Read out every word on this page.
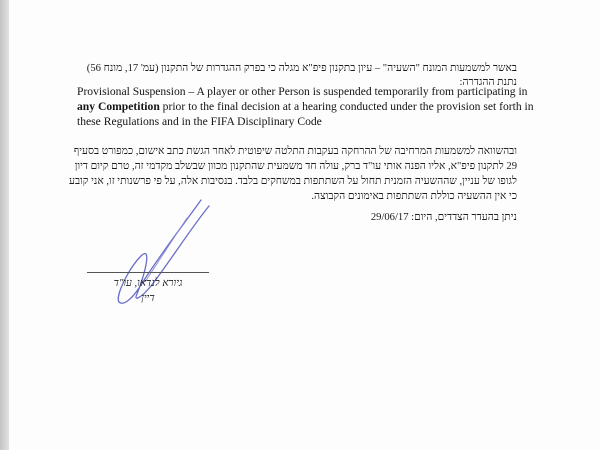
באשר למשמעות המונח "השעיה" – עיון בתקנון פיפ"א מגלה כי בפרק ההגדרות של התקנון (עמ' 17, מונח 56) נתנת ההגדרה:
Provisional Suspension – A player or other Person is suspended temporarily from participating in any Competition prior to the final decision at a hearing conducted under the provision set forth in these Regulations and in the FIFA Disciplinary Code
ובהשוואה למשמעות המרחיבה של ההרחקה בעקבות התלטה שיפוטית לאחר הגשת כתב אישום, כמפורט בסעיף 29 לתקנון פיפ"א, אליו הפנה אותי עו"ד ברק, עולה חד משמעית שהתקנון מכוון שבשלב מקדמי זה, טרם קיום דיון לגופו של עניין, שההשעיה הזמנית תחול על השתתפות במשחקים בלבד. בנסיבות אלה, על פי פרשנותי זו, אני קובע כי אין ההשעיה כוללת השתתפות באימונים הקבוצה.
ניתן בהעדר הצדדים, היום: 29/06/17
גיורא לנדאו, עו"ד
דיין
